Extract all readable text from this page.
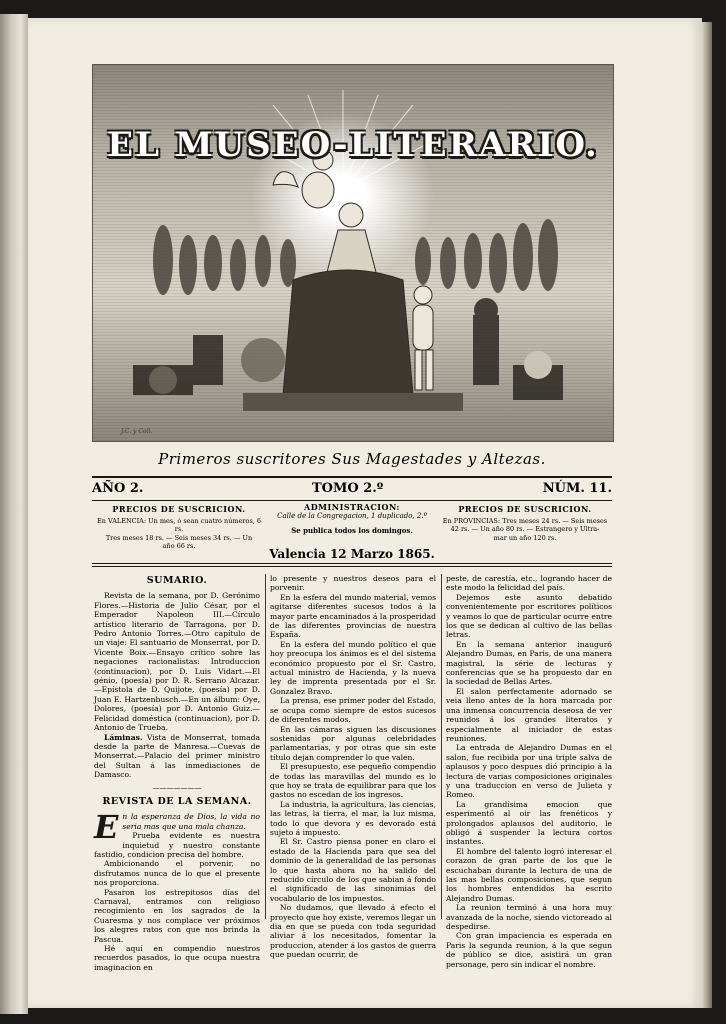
EL MUSEO-LITERARIO.
J.C. y Coll.
Primeros suscritores Sus Magestades y Altezas.
AÑO 2.	TOMO 2.º	NÚM. 11.
PRECIOS DE SUSCRICION.
En VALENCIA: Un mes, ó sean cuatro números, 6 rs.
Tres meses 18 rs. — Seis meses 34 rs. — Un
año 66 rs.
ADMINISTRACION:
Calle de la Congregacion, 1 duplicado, 2.º
Se publica todos los domingos.
Valencia 12 Marzo 1865.
PRECIOS DE SUSCRICION.
En PROVINCIAS: Tres meses 24 rs. — Seis meses
42 rs. — Un año 80 rs. — Estrangero y Ultra-
mar un año 120 rs.
SUMARIO.

Revista de la semana, por D. Gerónimo Flores.—Historia de Julio César, por el Emperador Napoleon III.—Círculo artístico literario de Tarragona, por D. Pedro Antonio Torres.—Otro capítulo de un viaje: El santuario de Monserrat, por D. Vicente Boix.—Ensayo crítico sobre las negaciones racionalistas: Introduccion (continuacion), por D. Luis Vidart.—El génio, (poesía) por D. R. Serrano Alcazar.—Epístola de D. Quijote, (poesía) por D. Juan E. Hartzenbusch.—En un álbum: Oye, Dolores, (poesía) por D. Antonio Guiz.—Felicidad doméstica (continuacion), por D. Antonio de Trueba.

Láminas. Vista de Monserrat, tomada desde la parte de Manresa.—Cuevas de Monserrat.—Palacio del primer ministro del Sultan á las inmediaciones de Damasco.

———————
REVISTA DE LA SEMANA.

En la esperanza de Dios, la vida no seria mas que una mala chanza.

Prueba evidente es nuestra inquietud y nuestro constante fastidio, condicion precisa del hombre.

Ambicionando el porvenir, no disfrutamos nunca de lo que el presente nos proporciona.

Pasaron los estrepitosos días del Carnaval, entramos con religioso recogimiento en los sagrados de la Cuaresma y nos complace ver próximos los alegres ratos con que nos brinda la Pascua.

Hé aquí en compendio nuestros recuerdos pasados, lo que ocupa nuestra imaginacion en

lo presente y nuestros deseos para el porvenir.

En la esfera del mundo material, vemos agitarse diferentes sucesos todos á la mayor parte encaminados á la prosperidad de las diferentes provincias de nuestra España.

En la esfera del mundo político el que hoy preocupa los ánimos es el del sistema económico propuesto por el Sr. Castro, actual ministro de Hacienda, y la nueva ley de imprenta presentada por el Sr. Gonzalez Bravo.

La prensa, ese primer poder del Estado, se ocupa como siempre de estos sucesos de diferentes modos.

En las cámaras siguen las discusiones sostenidas por algunas celebridades parlamentarias, y por otras que sin este título dejan comprender lo que valen.

El presupuesto, ese pequeño compendio de todas las maravillas del mundo es lo que hoy se trata de equilibrar para que los gastos no escedan de los ingresos.

La industria, la agricultura, las ciencias, las letras, la tierra, el mar, la luz misma, todo lo que devora y es devorado está sujeto á impuesto.

El Sr. Castro piensa poner en claro el estado de la Hacienda para que sea del dominio de la generalidad de las personas lo que hasta ahora no ha salido del reducido círculo de los que sabian á fondo el significado de las sinonimias del vocabulario de los impuestos.

No dudamos, que llevado á efecto el proyecto que hoy existe, veremos llegar un dia en que se pueda con toda seguridad aliviar á los necesitados, fomentar la produccion, atender á los gastos de guerra que puedan ocurrir, de

peste, de carestía, etc., logrando hacer de este modo la felicidad del país.

Dejemos este asunto debatido convenientemente por escritores políticos y veamos lo que de particular ocurre entre los que se dedican al cultivo de las bellas letras.

En la semana anterior inauguró Alejandro Dumas, en Paris, de una manera magistral, la série de lecturas y conferencias que se ha propuesto dar en la sociedad de Bellas Artes.

El salon perfectamente adornado se veia lleno antes de la hora marcada por una inmensa concurrencia deseosa de ver reunidos á los grandes literatos y especialmente al iniciador de estas reuniones.

La entrada de Alejandro Dumas en el salon, fue recibida por una triple salva de aplausos y poco despues dió principio á la lectura de varias composiciones originales y una traduccion en verso de Julieta y Romeo.

La grandísima emocion que esperimentó al oir las frenéticos y prolongados aplausos del auditorio, le obligó á suspender la lectura cortos instantes.

El hombre del talento logró interesar el corazon de gran parte de los que le escuchaban durante la lectura de una de las mas bellas composiciones, que segun los hombres entendidos ha escrito Alejandro Dumas.

La reunion terminó á una hora muy avanzada de la noche, siendo victoreado al despedirse.

Con gran impaciencia es esperada en Paris la segunda reunion, á la que segun de público se dice, asistirá un gran personage, pero sin indicar el nombre.
